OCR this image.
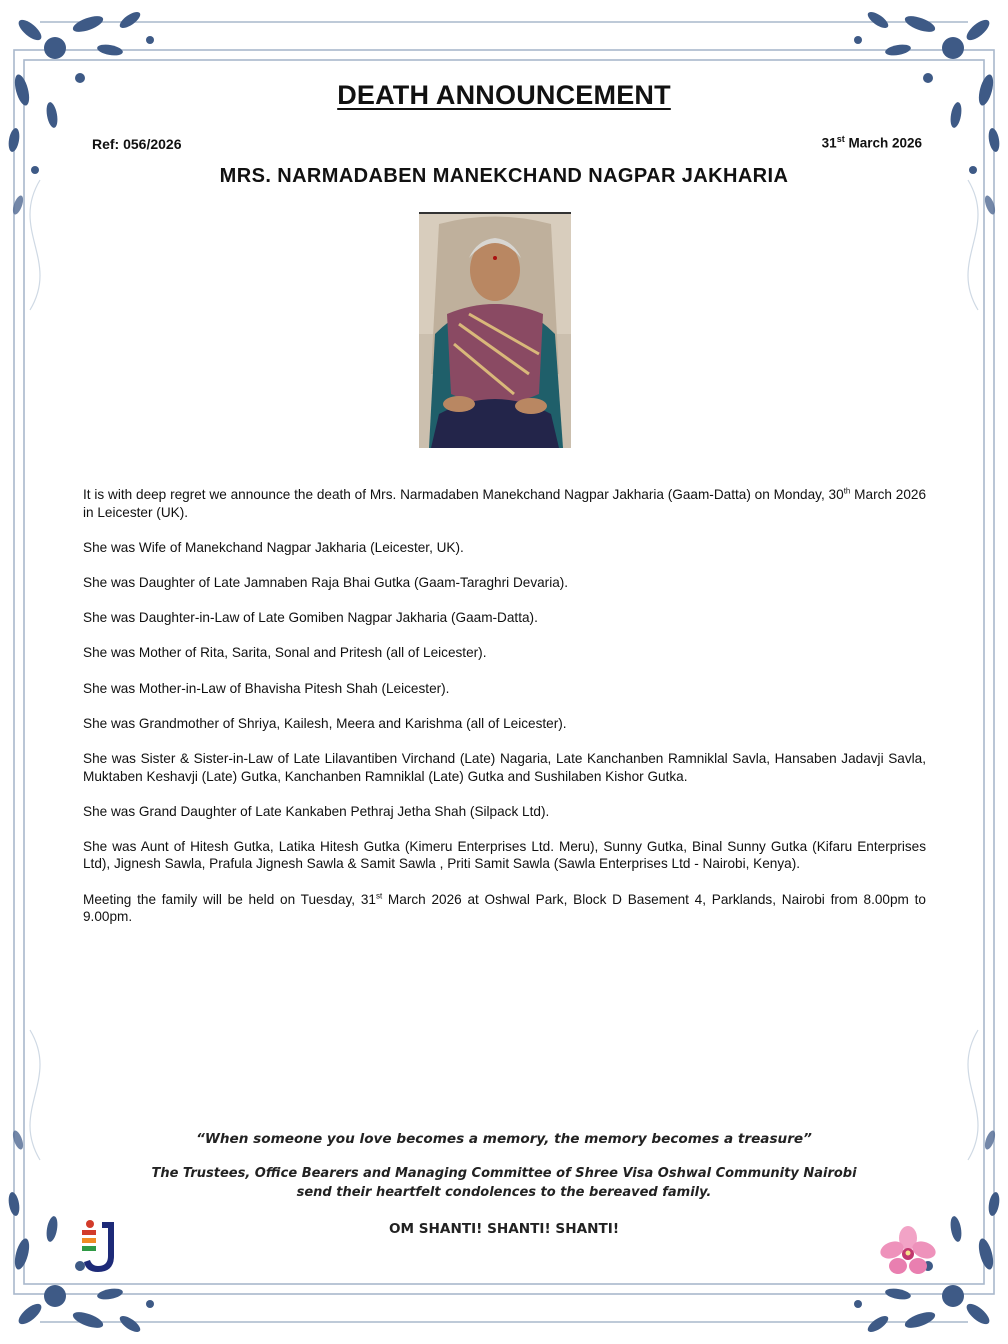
DEATH ANNOUNCEMENT
Ref: 056/2026	31st March 2026
MRS. NARMADABEN MANEKCHAND NAGPAR JAKHARIA

It is with deep regret we announce the death of Mrs. Narmadaben Manekchand Nagpar Jakharia (Gaam-Datta) on Monday, 30th March 2026 in Leicester (UK).

She was Wife of Manekchand Nagpar Jakharia (Leicester, UK).

She was Daughter of Late Jamnaben Raja Bhai Gutka (Gaam-Taraghri Devaria).

She was Daughter-in-Law of Late Gomiben Nagpar Jakharia (Gaam-Datta).

She was Mother of Rita, Sarita, Sonal and Pritesh (all of Leicester).

She was Mother-in-Law of Bhavisha Pitesh Shah (Leicester).

She was Grandmother of Shriya, Kailesh, Meera and Karishma (all of Leicester).

She was Sister & Sister-in-Law of Late Lilavantiben Virchand (Late) Nagaria, Late Kanchanben Ramniklal Savla, Hansaben Jadavji Savla, Muktaben Keshavji (Late) Gutka, Kanchanben Ramniklal (Late) Gutka and Sushilaben Kishor Gutka.

She was Grand Daughter of Late Kankaben Pethraj Jetha Shah (Silpack Ltd).

She was Aunt of Hitesh Gutka, Latika Hitesh Gutka (Kimeru Enterprises Ltd. Meru), Sunny Gutka, Binal Sunny Gutka (Kifaru Enterprises Ltd), Jignesh Sawla, Prafula Jignesh Sawla & Samit Sawla , Priti Samit Sawla (Sawla Enterprises Ltd - Nairobi, Kenya).

Meeting the family will be held on Tuesday, 31st March 2026 at Oshwal Park, Block D Basement 4, Parklands, Nairobi from 8.00pm to 9.00pm.

“When someone you love becomes a memory, the memory becomes a treasure”
The Trustees, Office Bearers and Managing Committee of Shree Visa Oshwal Community Nairobi
send their heartfelt condolences to the bereaved family.
OM SHANTI! SHANTI! SHANTI!
